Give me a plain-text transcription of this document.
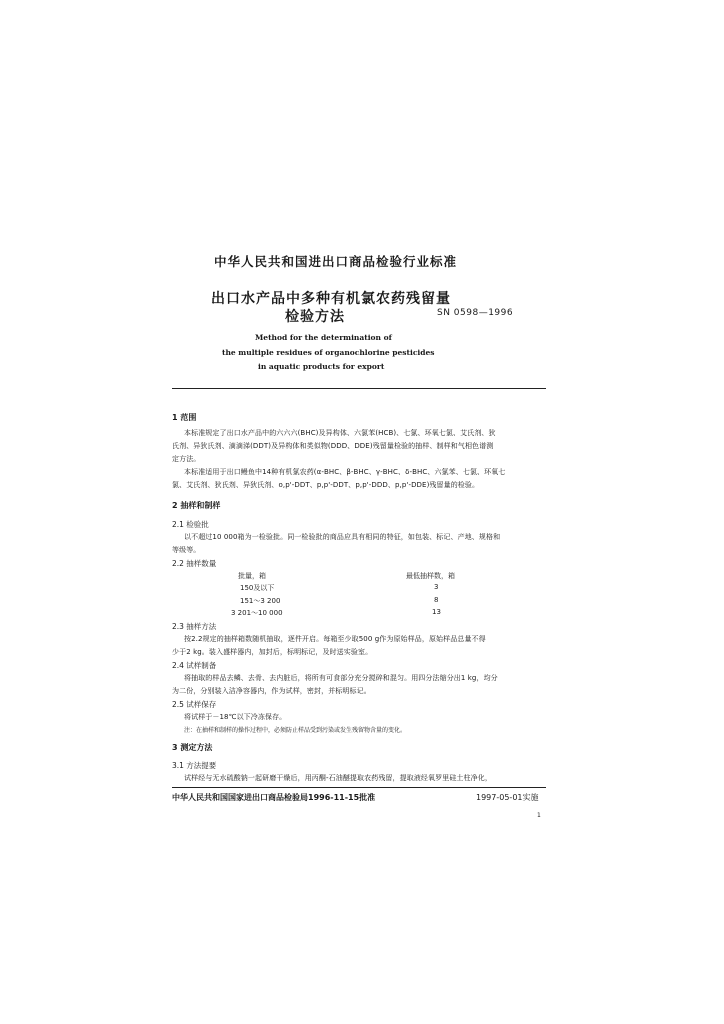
中华人民共和国进出口商品检验行业标准
出口水产品中多种有机氯农药残留量
检验方法	SN 0598—1996
Method for the determination of
the multiple residues of organochlorine pesticides
in aquatic products for export
1 范围
本标准规定了出口水产品中的六六六(BHC)及异构体、六氯苯(HCB)、七氯、环氧七氯、艾氏剂、狄
氏剂、异狄氏剂、滴滴涕(DDT)及异构体和类似物(DDD、DDE)残留量检验的抽样、制样和气相色谱测
定方法。
本标准适用于出口鳗鱼中14种有机氯农药(α-BHC、β-BHC、γ-BHC、δ-BHC、六氯苯、七氯、环氧七
氯、艾氏剂、狄氏剂、异狄氏剂、o,p'-DDT、p,p'-DDT、p,p'-DDD、p,p'-DDE)残留量的检验。
2 抽样和制样
2.1 检验批
以不超过10 000箱为一检验批。同一检验批的商品应具有相同的特征，如包装、标记、产地、规格和
等级等。
2.2 抽样数量
批量，箱	最低抽样数，箱
150及以下	3
151～3 200	8
3 201～10 000	13
2.3 抽样方法
按2.2规定的抽样箱数随机抽取，逐件开启。每箱至少取500 g作为原始样品，原始样品总量不得
少于2 kg。装入盛样器内，加封后，标明标记，及时送实验室。
2.4 试样制备
将抽取的样品去鳞、去骨、去内脏后，将所有可食部分充分搅碎和混匀。用四分法缩分出1 kg，均分
为二份，分别装入洁净容器内，作为试样，密封，并标明标记。
2.5 试样保存
将试样于－18℃以下冷冻保存。
注：在抽样和制样的操作过程中，必须防止样品受到污染或发生残留物含量的变化。
3 测定方法
3.1 方法提要
试样经与无水硫酸钠一起研磨干燥后，用丙酮-石油醚提取农药残留，提取液经氧罗里硅土柱净化，
中华人民共和国国家进出口商品检验局1996-11-15批准	1997-05-01实施
1
